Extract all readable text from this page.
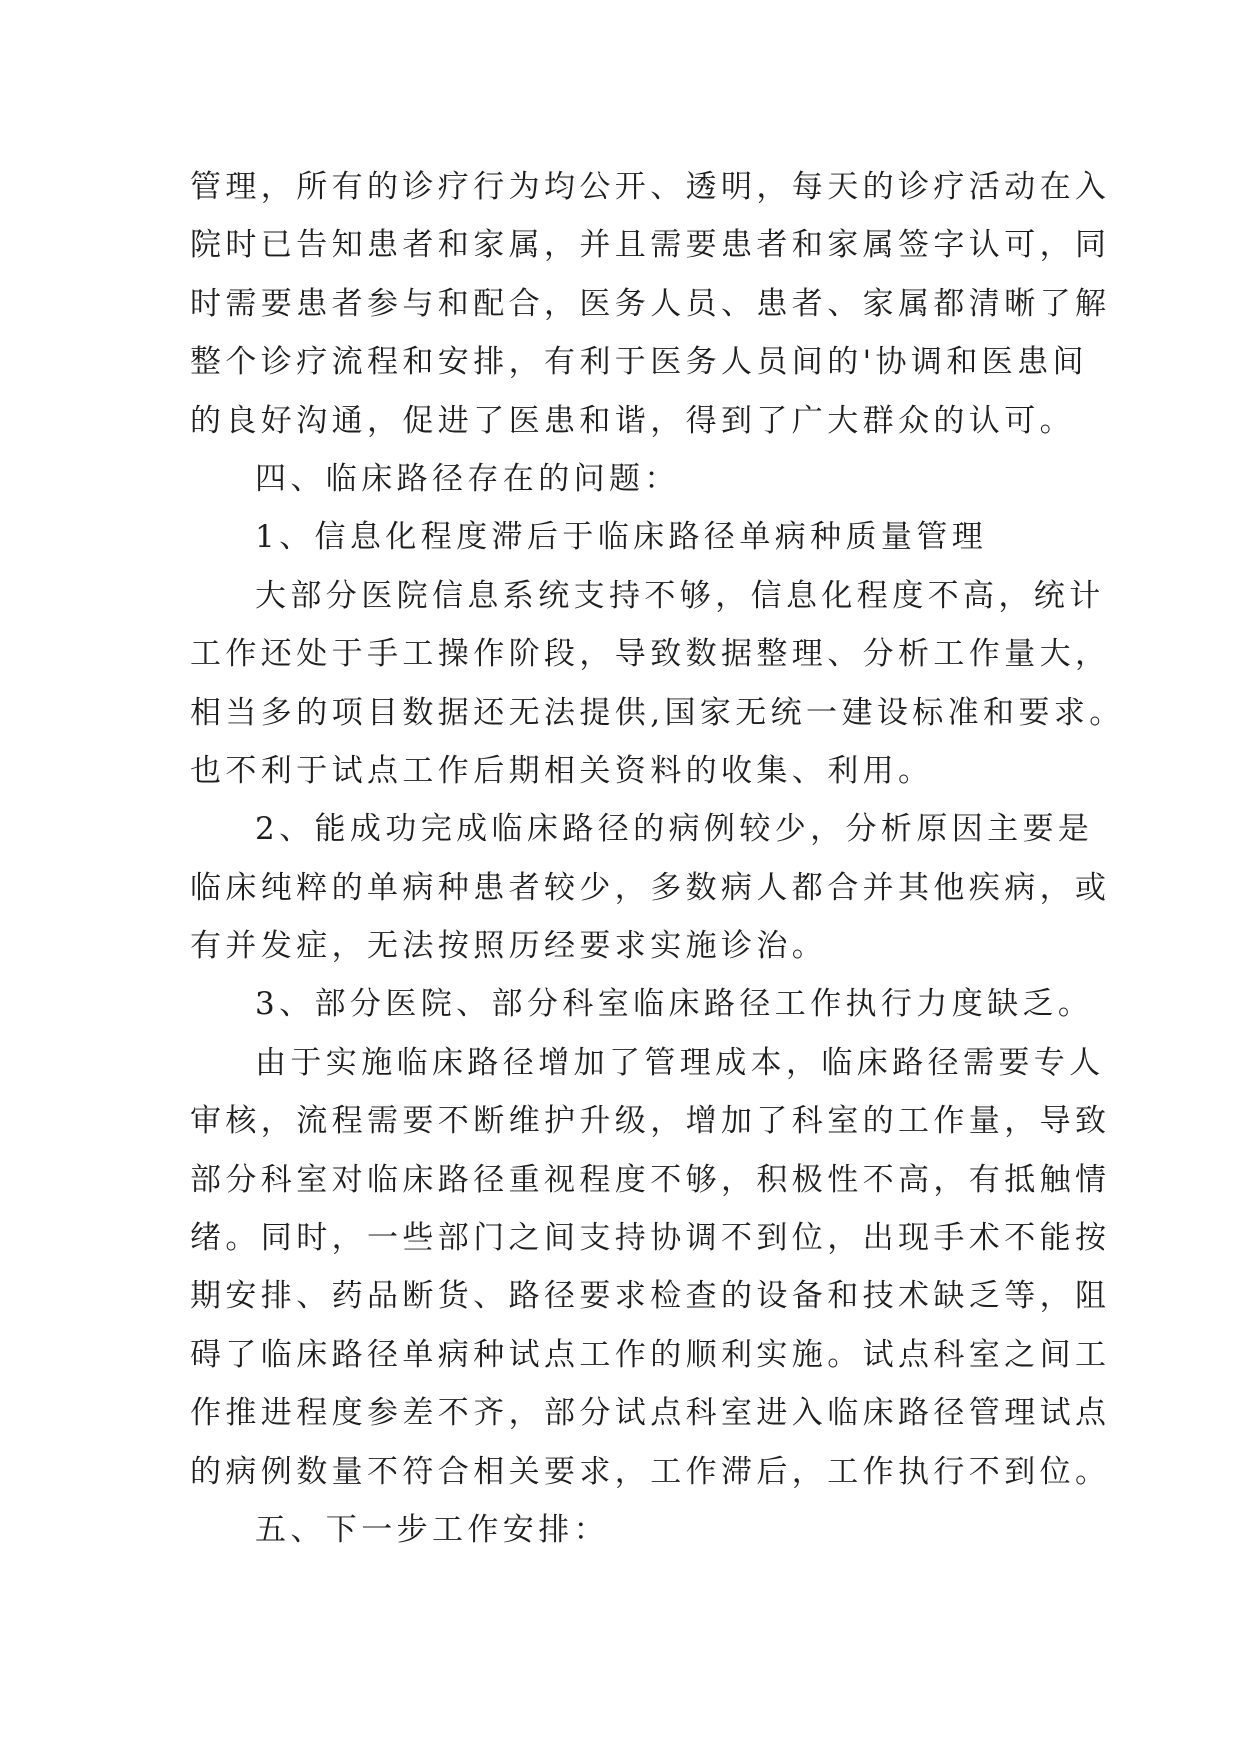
管理，所有的诊疗行为均公开、透明，每天的诊疗活动在入
院时已告知患者和家属，并且需要患者和家属签字认可，同
时需要患者参与和配合，医务人员、患者、家属都清晰了解
整个诊疗流程和安排，有利于医务人员间的'协调和医患间
的良好沟通，促进了医患和谐，得到了广大群众的认可。
四、临床路径存在的问题：
1、信息化程度滞后于临床路径单病种质量管理
大部分医院信息系统支持不够，信息化程度不高，统计
工作还处于手工操作阶段，导致数据整理、分析工作量大，
相当多的项目数据还无法提供,国家无统一建设标准和要求。
也不利于试点工作后期相关资料的收集、利用。
2、能成功完成临床路径的病例较少，分析原因主要是
临床纯粹的单病种患者较少，多数病人都合并其他疾病，或
有并发症，无法按照历经要求实施诊治。
3、部分医院、部分科室临床路径工作执行力度缺乏。
由于实施临床路径增加了管理成本，临床路径需要专人
审核，流程需要不断维护升级，增加了科室的工作量，导致
部分科室对临床路径重视程度不够，积极性不高，有抵触情
绪。同时，一些部门之间支持协调不到位，出现手术不能按
期安排、药品断货、路径要求检查的设备和技术缺乏等，阻
碍了临床路径单病种试点工作的顺利实施。试点科室之间工
作推进程度参差不齐，部分试点科室进入临床路径管理试点
的病例数量不符合相关要求，工作滞后，工作执行不到位。
五、下一步工作安排：
